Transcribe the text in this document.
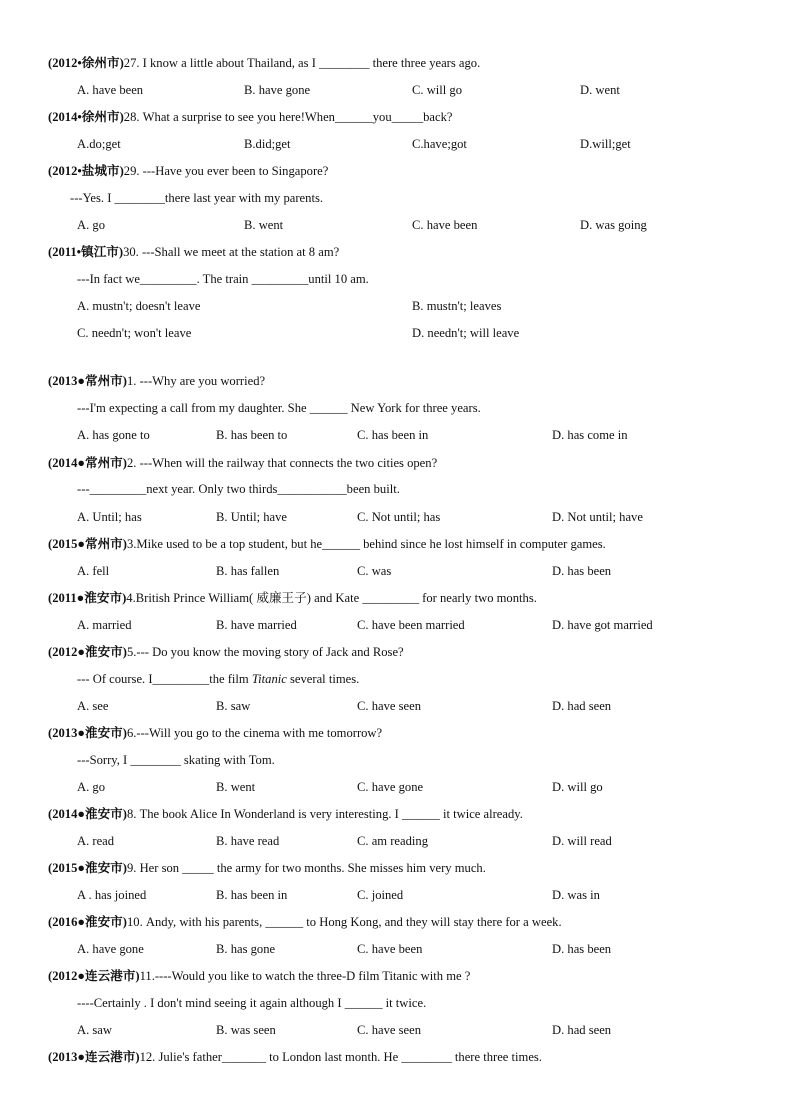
(2012•徐州市)27. I know a little about Thailand, as I ________ there three years ago.
A. have been	B. have gone	C. will go	D. went
(2014•徐州市)28. What a surprise to see you here!When______you_____back?
A.do;get	B.did;get	C.have;got	D.will;get
(2012•盐城市)29. ---Have you ever been to Singapore?
---Yes. I ________there last year with my parents.
A. go	B. went	C. have been	D. was going
(2011•镇江市)30. ---Shall we meet at the station at 8 am?
---In fact we_________. The train _________until 10 am.
A. mustn't; doesn't leave	B. mustn't; leaves
C. needn't; won't leave	D. needn't; will leave
(2013●常州市)1. ---Why are you worried?
---I'm expecting a call from my daughter. She ______ New York for three years.
A. has gone to	B. has been to	C. has been in	D. has come in
(2014●常州市)2. ---When will the railway that connects the two cities open?
---_________next year. Only two thirds___________been built.
A. Until; has	B. Until; have	C. Not until; has	D. Not until; have
(2015●常州市)3.Mike used to be a top student, but he______ behind since he lost himself in computer games.
A. fell	B. has fallen	C. was	D. has been
(2011●淮安市)4.British Prince William( 威廉王子) and Kate _________ for nearly two months.
A. married	B. have married	C. have been married	D. have got married
(2012●淮安市)5.--- Do you know the moving story of Jack and Rose?
--- Of course. I_________the film Titanic several times.
A. see	B. saw	C. have seen	D. had seen
(2013●淮安市)6.---Will you go to the cinema with me tomorrow?
---Sorry, I ________ skating with Tom.
A. go	B. went	C. have gone	D. will go
(2014●淮安市)8. The book Alice In Wonderland is very interesting. I ______ it twice already.
A. read	B. have read	C. am reading	D. will read
(2015●淮安市)9. Her son _____ the army for two months. She misses him very much.
A . has joined	B. has been in	C. joined	D. was in
(2016●淮安市)10. Andy, with his parents, ______ to Hong Kong, and they will stay there for a week.
A. have gone	B. has gone	C. have been	D. has been
(2012●连云港市)11.----Would you like to watch the three-D film Titanic with me ?
----Certainly . I don't mind seeing it again although I ______ it twice.
A. saw	B. was seen	C. have seen	D. had seen
(2013●连云港市)12. Julie's father_______ to London last month. He ________ there three times.
